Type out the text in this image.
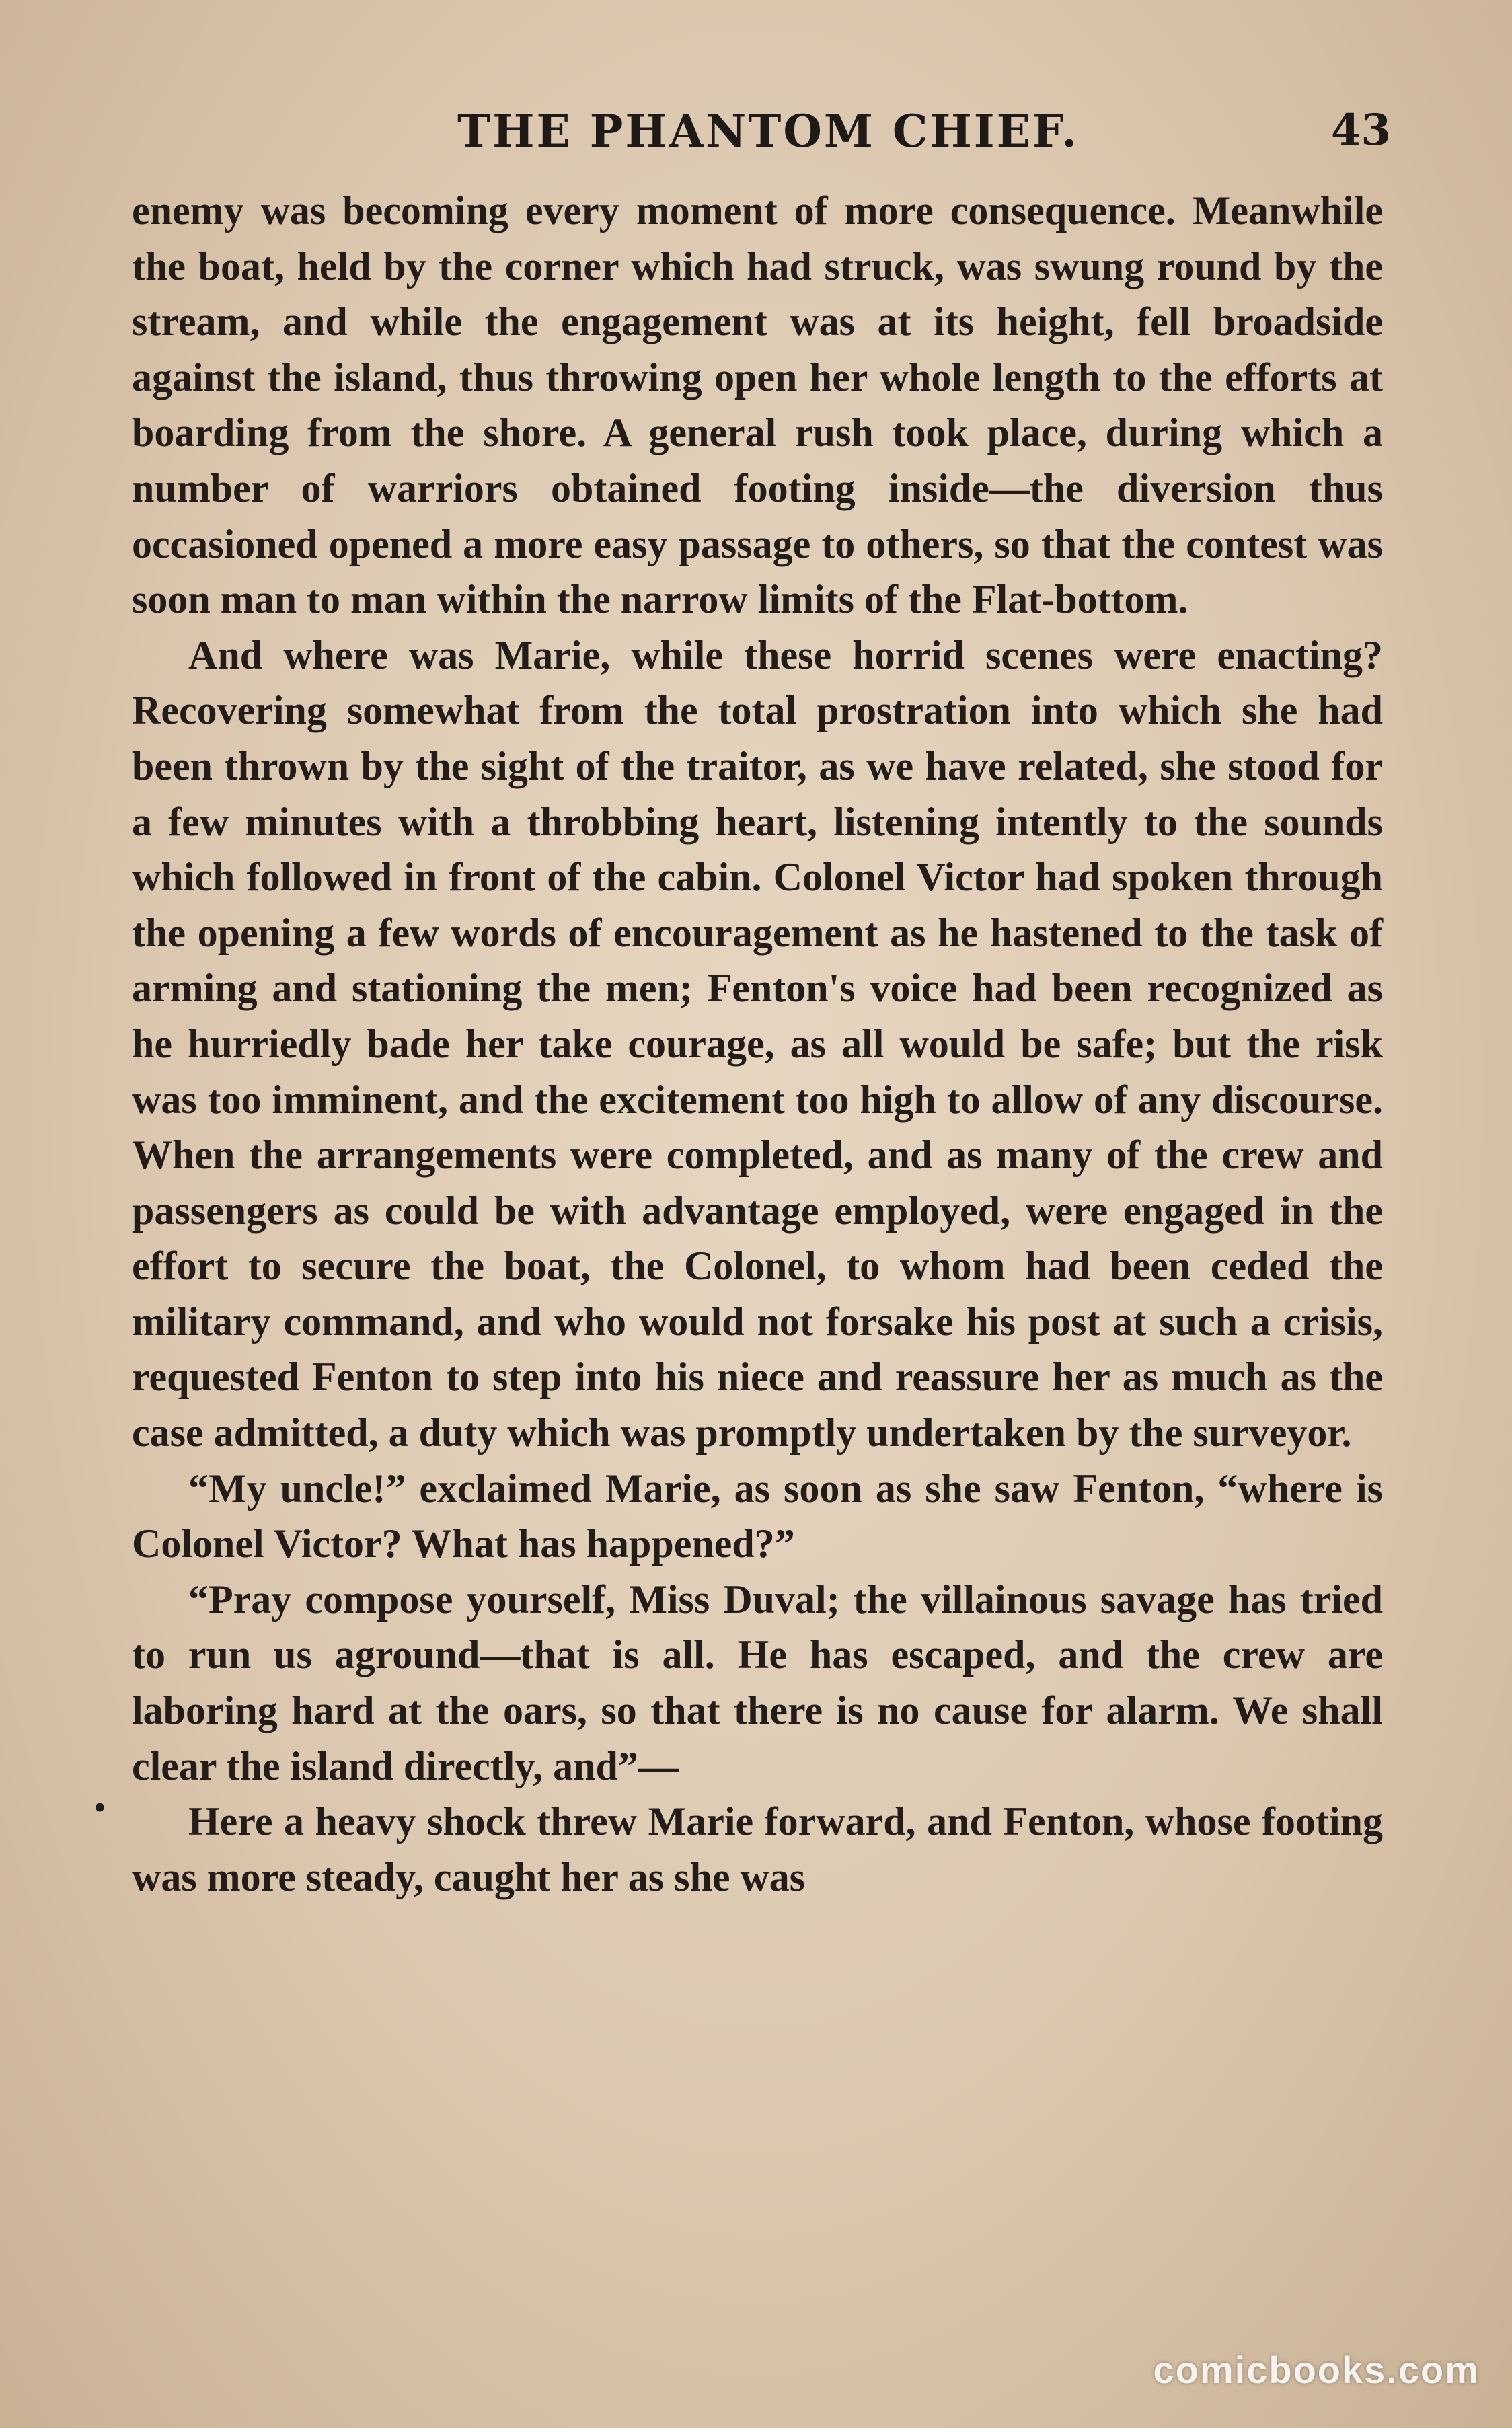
THE PHANTOM CHIEF.	43

enemy was becoming every moment of more consequence. Meanwhile the boat, held by the corner which had struck, was swung round by the stream, and while the engagement was at its height, fell broadside against the island, thus throwing open her whole length to the efforts at boarding from the shore. A general rush took place, during which a number of warriors obtained footing inside—the diversion thus occasioned opened a more easy passage to others, so that the contest was soon man to man within the narrow limits of the Flat-bottom.

And where was Marie, while these horrid scenes were enacting? Recovering somewhat from the total prostration into which she had been thrown by the sight of the traitor, as we have related, she stood for a few minutes with a throbbing heart, listening intently to the sounds which followed in front of the cabin. Colonel Victor had spoken through the opening a few words of encouragement as he hastened to the task of arming and stationing the men; Fenton's voice had been recognized as he hurriedly bade her take courage, as all would be safe; but the risk was too imminent, and the excitement too high to allow of any discourse. When the arrangements were completed, and as many of the crew and passengers as could be with advantage employed, were engaged in the effort to secure the boat, the Colonel, to whom had been ceded the military command, and who would not forsake his post at such a crisis, requested Fenton to step into his niece and reassure her as much as the case admitted, a duty which was promptly undertaken by the surveyor.

“My uncle!” exclaimed Marie, as soon as she saw Fenton, “where is Colonel Victor? What has happened?”

“Pray compose yourself, Miss Duval; the villainous savage has tried to run us aground—that is all. He has escaped, and the crew are laboring hard at the oars, so that there is no cause for alarm. We shall clear the island directly, and”—

Here a heavy shock threw Marie forward, and Fenton, whose footing was more steady, caught her as she was

•
comicbooks.com
